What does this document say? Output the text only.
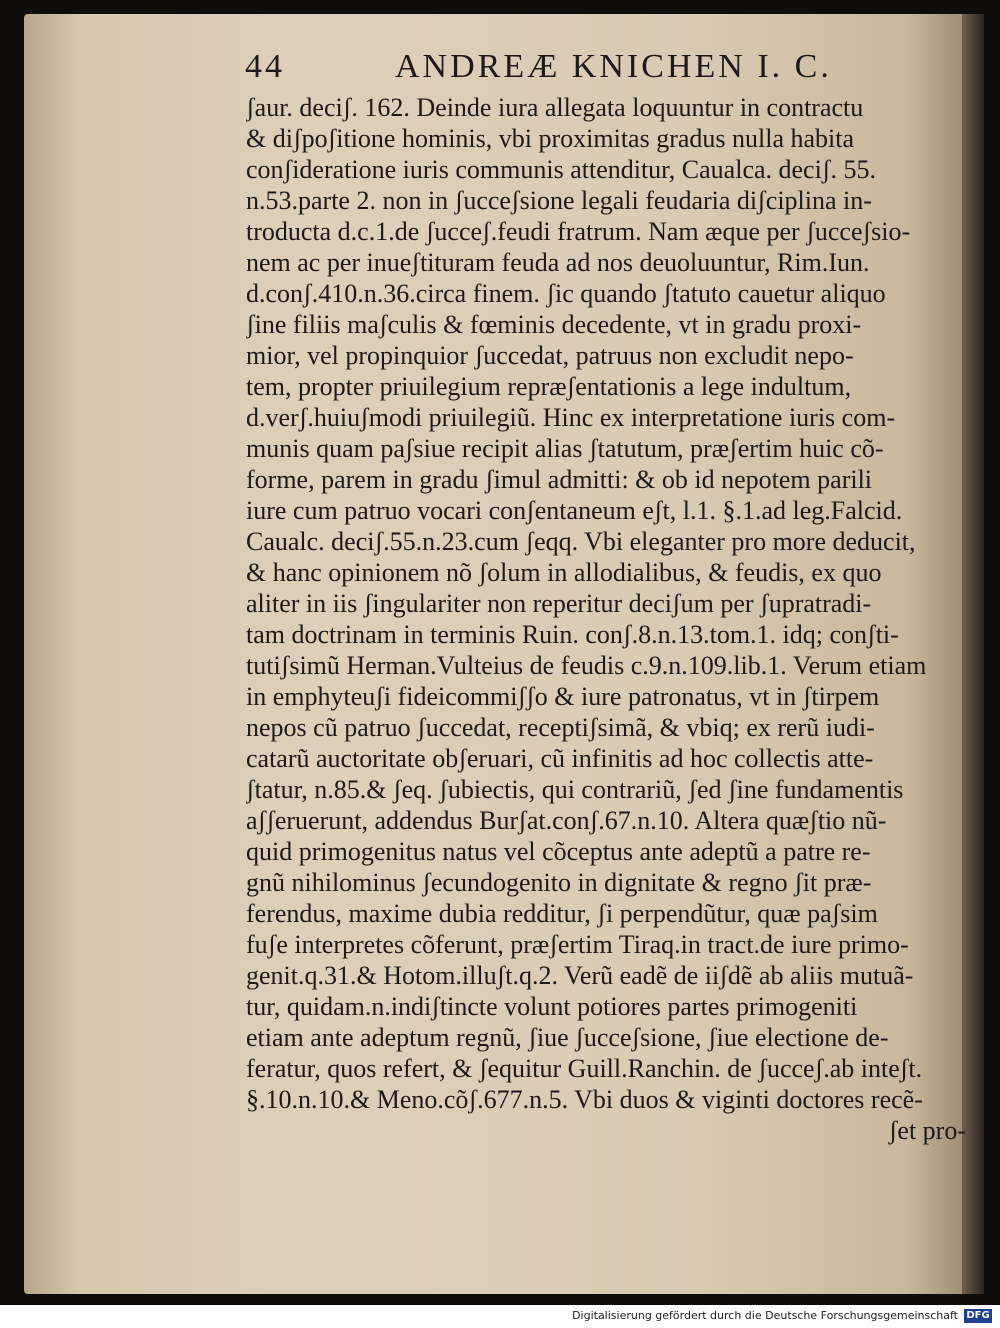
44	ANDREÆ KNICHEN I. C.
ʃaur. deciʃ. 162. Deinde iura allegata loquuntur in contractu
& diʃpoʃitione hominis, vbi proximitas gradus nulla habita
conʃideratione iuris communis attenditur, Caualca. deciʃ. 55.
n.53.parte 2. non in ʃucceʃsione legali feudaria diʃciplina in-
troducta d.c.1.de ʃucceʃ.feudi fratrum. Nam æque per ʃucceʃsio-
nem ac per inueʃtituram feuda ad nos deuoluuntur, Rim.Iun.
d.conʃ.410.n.36.circa finem. ʃic quando ʃtatuto cauetur aliquo
ʃine filiis maʃculis & fœminis decedente, vt in gradu proxi-
mior, vel propinquior ʃuccedat, patruus non excludit nepo-
tem, propter priuilegium repræʃentationis a lege indultum,
d.verʃ.huiuʃmodi priuilegiũ. Hinc ex interpretatione iuris com-
munis quam paʃsiue recipit alias ʃtatutum, præʃertim huic cõ-
forme, parem in gradu ʃimul admitti: & ob id nepotem parili
iure cum patruo vocari conʃentaneum eʃt, l.1. §.1.ad leg.Falcid.
Caualc. deciʃ.55.n.23.cum ʃeqq. Vbi eleganter pro more deducit,
& hanc opinionem nõ ʃolum in allodialibus, & feudis, ex quo
aliter in iis ʃingulariter non reperitur deciʃum per ʃupratradi-
tam doctrinam in terminis Ruin. conʃ.8.n.13.tom.1. idq; conʃti-
tutiʃsimũ Herman.Vulteius de feudis c.9.n.109.lib.1. Verum etiam
in emphyteuʃi fideicommiʃʃo & iure patronatus, vt in ʃtirpem
nepos cũ patruo ʃuccedat, receptiʃsimã, & vbiq; ex rerũ iudi-
catarũ auctoritate obʃeruari, cũ infinitis ad hoc collectis atte-
ʃtatur, n.85.& ʃeq. ʃubiectis, qui contrariũ, ʃed ʃine fundamentis
aʃʃeruerunt, addendus Burʃat.conʃ.67.n.10. Altera quæʃtio nũ-
quid primogenitus natus vel cõceptus ante adeptũ a patre re-
gnũ nihilominus ʃecundogenito in dignitate & regno ʃit præ-
ferendus, maxime dubia redditur, ʃi perpendũtur, quæ paʃsim
fuʃe interpretes cõferunt, præʃertim Tiraq.in tract.de iure primo-
genit.q.31.& Hotom.illuʃt.q.2. Verũ eadẽ de iiʃdẽ ab aliis mutuã-
tur, quidam.n.indiʃtincte volunt potiores partes primogeniti
etiam ante adeptum regnũ, ʃiue ʃucceʃsione, ʃiue electione de-
feratur, quos refert, & ʃequitur Guill.Ranchin. de ʃucceʃ.ab inteʃt.
§.10.n.10.& Meno.cõʃ.677.n.5. Vbi duos & viginti doctores recẽ-
ʃet pro-
Digitalisierung gefördert durch die Deutsche Forschungsgemeinschaft DFG
